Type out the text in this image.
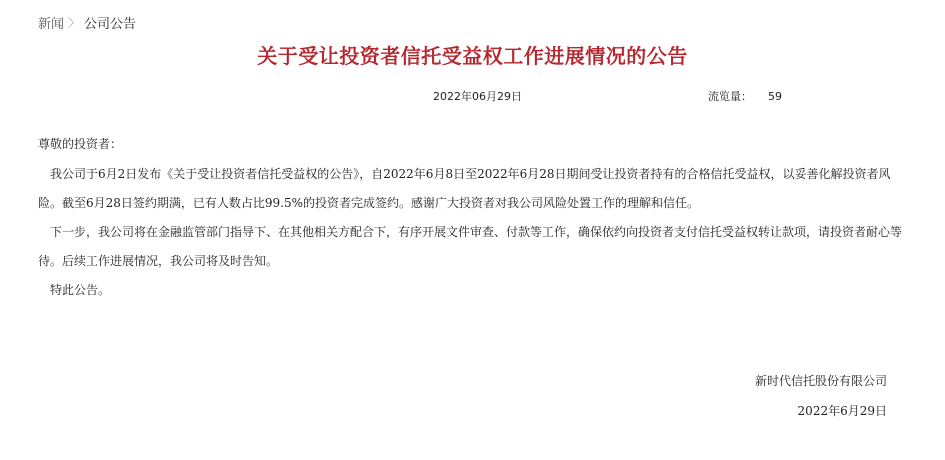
新闻 〉 公司公告
关于受让投资者信托受益权工作进展情况的公告
2022年06月29日	流览量： 59

尊敬的投资者：

我公司于6月2日发布《关于受让投资者信托受益权的公告》，自2022年6月8日至2022年6月28日期间受让投资者持有的合格信托受益权，以妥善化解投资者风险。截至6月28日签约期满，已有人数占比99.5%的投资者完成签约。感谢广大投资者对我公司风险处置工作的理解和信任。

下一步，我公司将在金融监管部门指导下、在其他相关方配合下，有序开展文件审查、付款等工作，确保依约向投资者支付信托受益权转让款项，请投资者耐心等待。后续工作进展情况，我公司将及时告知。

特此公告。

新时代信托股份有限公司
2022年6月29日
